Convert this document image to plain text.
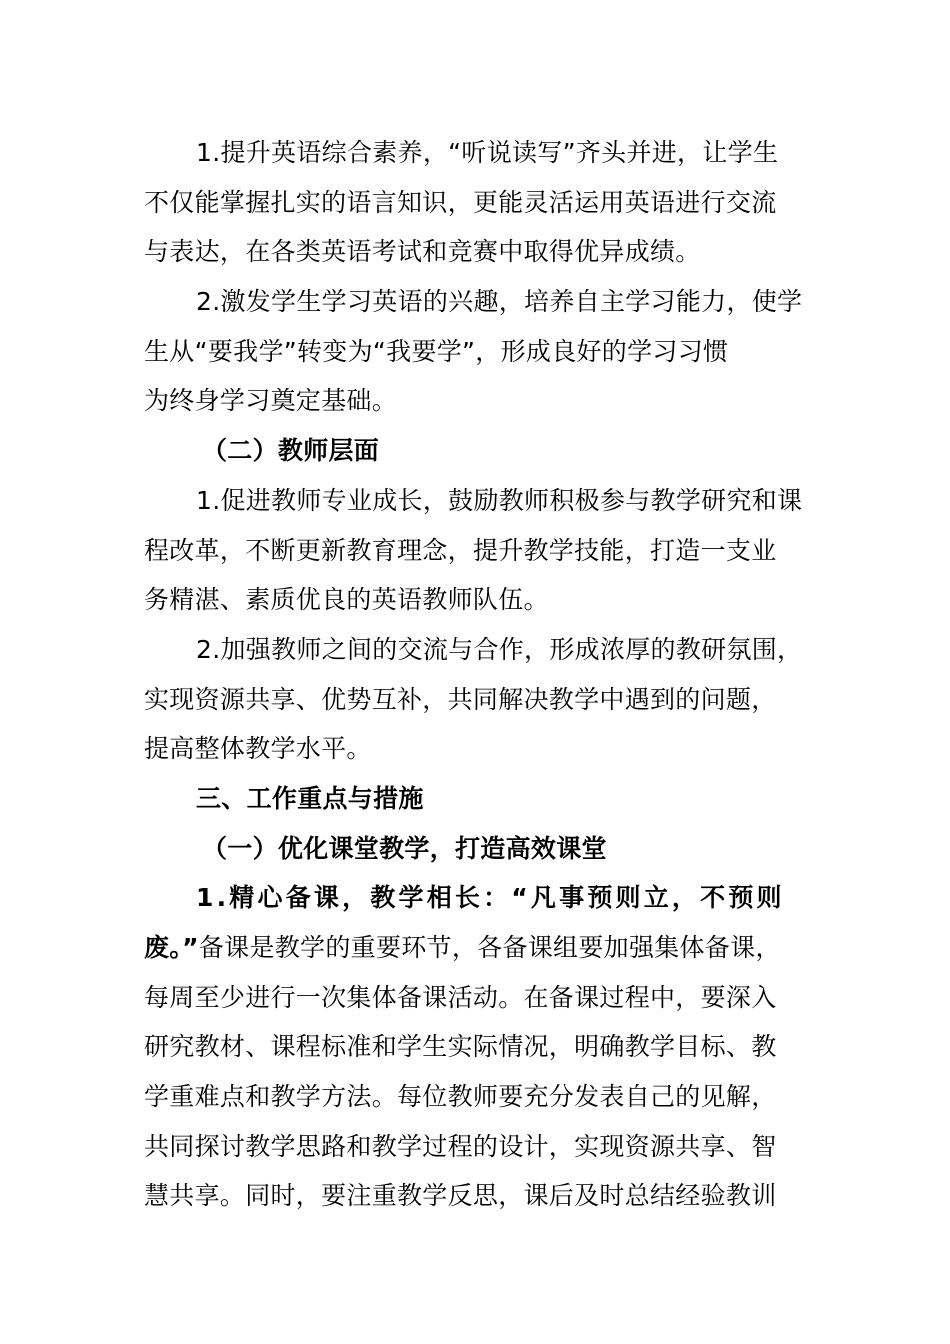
1.提升英语综合素养，“听说读写”齐头并进，让学生
不仅能掌握扎实的语言知识，更能灵活运用英语进行交流
与表达，在各类英语考试和竞赛中取得优异成绩。
2.激发学生学习英语的兴趣，培养自主学习能力，使学
生从“要我学”转变为“我要学”，形成良好的学习习惯
为终身学习奠定基础。
（二）教师层面
1.促进教师专业成长，鼓励教师积极参与教学研究和课
程改革，不断更新教育理念，提升教学技能，打造一支业
务精湛、素质优良的英语教师队伍。
2.加强教师之间的交流与合作，形成浓厚的教研氛围，
实现资源共享、优势互补，共同解决教学中遇到的问题，
提高整体教学水平。
三、工作重点与措施
（一）优化课堂教学，打造高效课堂
1.精心备课，教学相长：“凡事预则立，不预则
废。”备课是教学的重要环节，各备课组要加强集体备课，
每周至少进行一次集体备课活动。在备课过程中，要深入
研究教材、课程标准和学生实际情况，明确教学目标、教
学重难点和教学方法。每位教师要充分发表自己的见解，
共同探讨教学思路和教学过程的设计，实现资源共享、智
慧共享。同时，要注重教学反思，课后及时总结经验教训
